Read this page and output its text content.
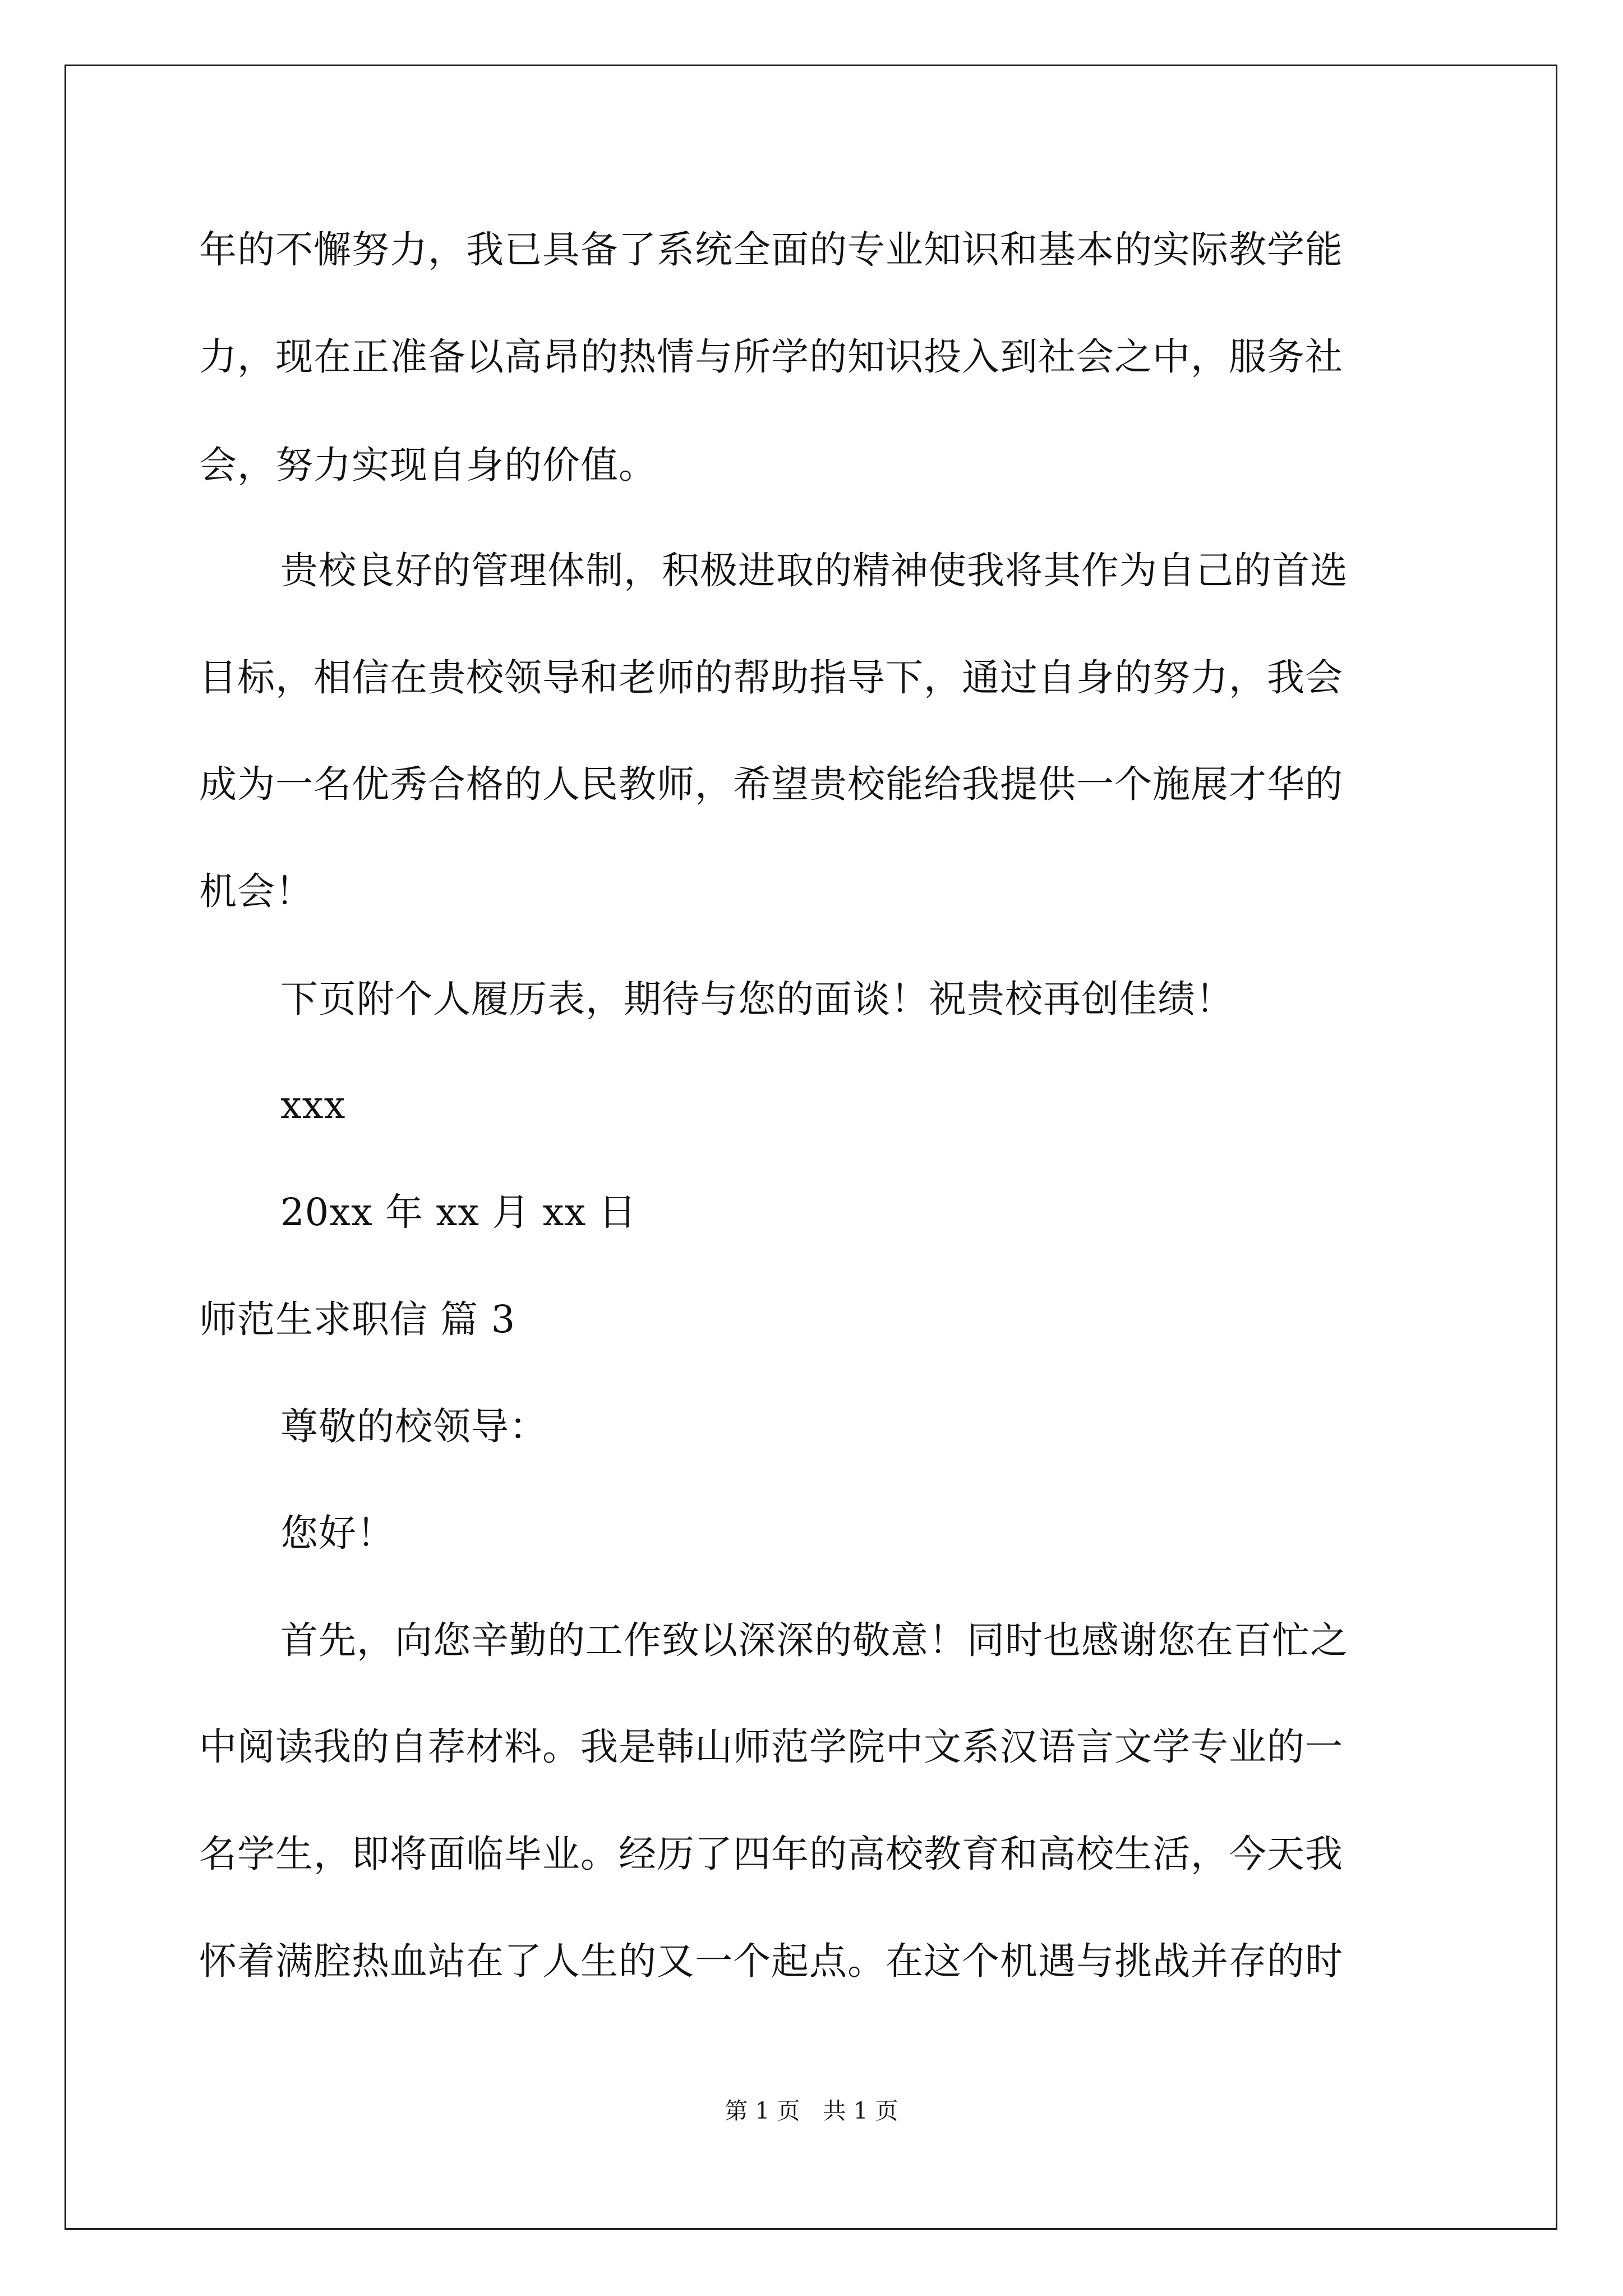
年的不懈努力，我已具备了系统全面的专业知识和基本的实际教学能
力，现在正准备以高昂的热情与所学的知识投入到社会之中，服务社
会，努力实现自身的价值。
贵校良好的管理体制，积极进取的精神使我将其作为自己的首选
目标，相信在贵校领导和老师的帮助指导下，通过自身的努力，我会
成为一名优秀合格的人民教师，希望贵校能给我提供一个施展才华的
机会！
下页附个人履历表，期待与您的面谈！祝贵校再创佳绩！
xxx
20xx 年 xx 月 xx 日
师范生求职信 篇 3
尊敬的校领导：
您好！
首先，向您辛勤的工作致以深深的敬意！同时也感谢您在百忙之
中阅读我的自荐材料。我是韩山师范学院中文系汉语言文学专业的一
名学生，即将面临毕业。经历了四年的高校教育和高校生活，今天我
怀着满腔热血站在了人生的又一个起点。在这个机遇与挑战并存的时
第 1 页　共 1 页
